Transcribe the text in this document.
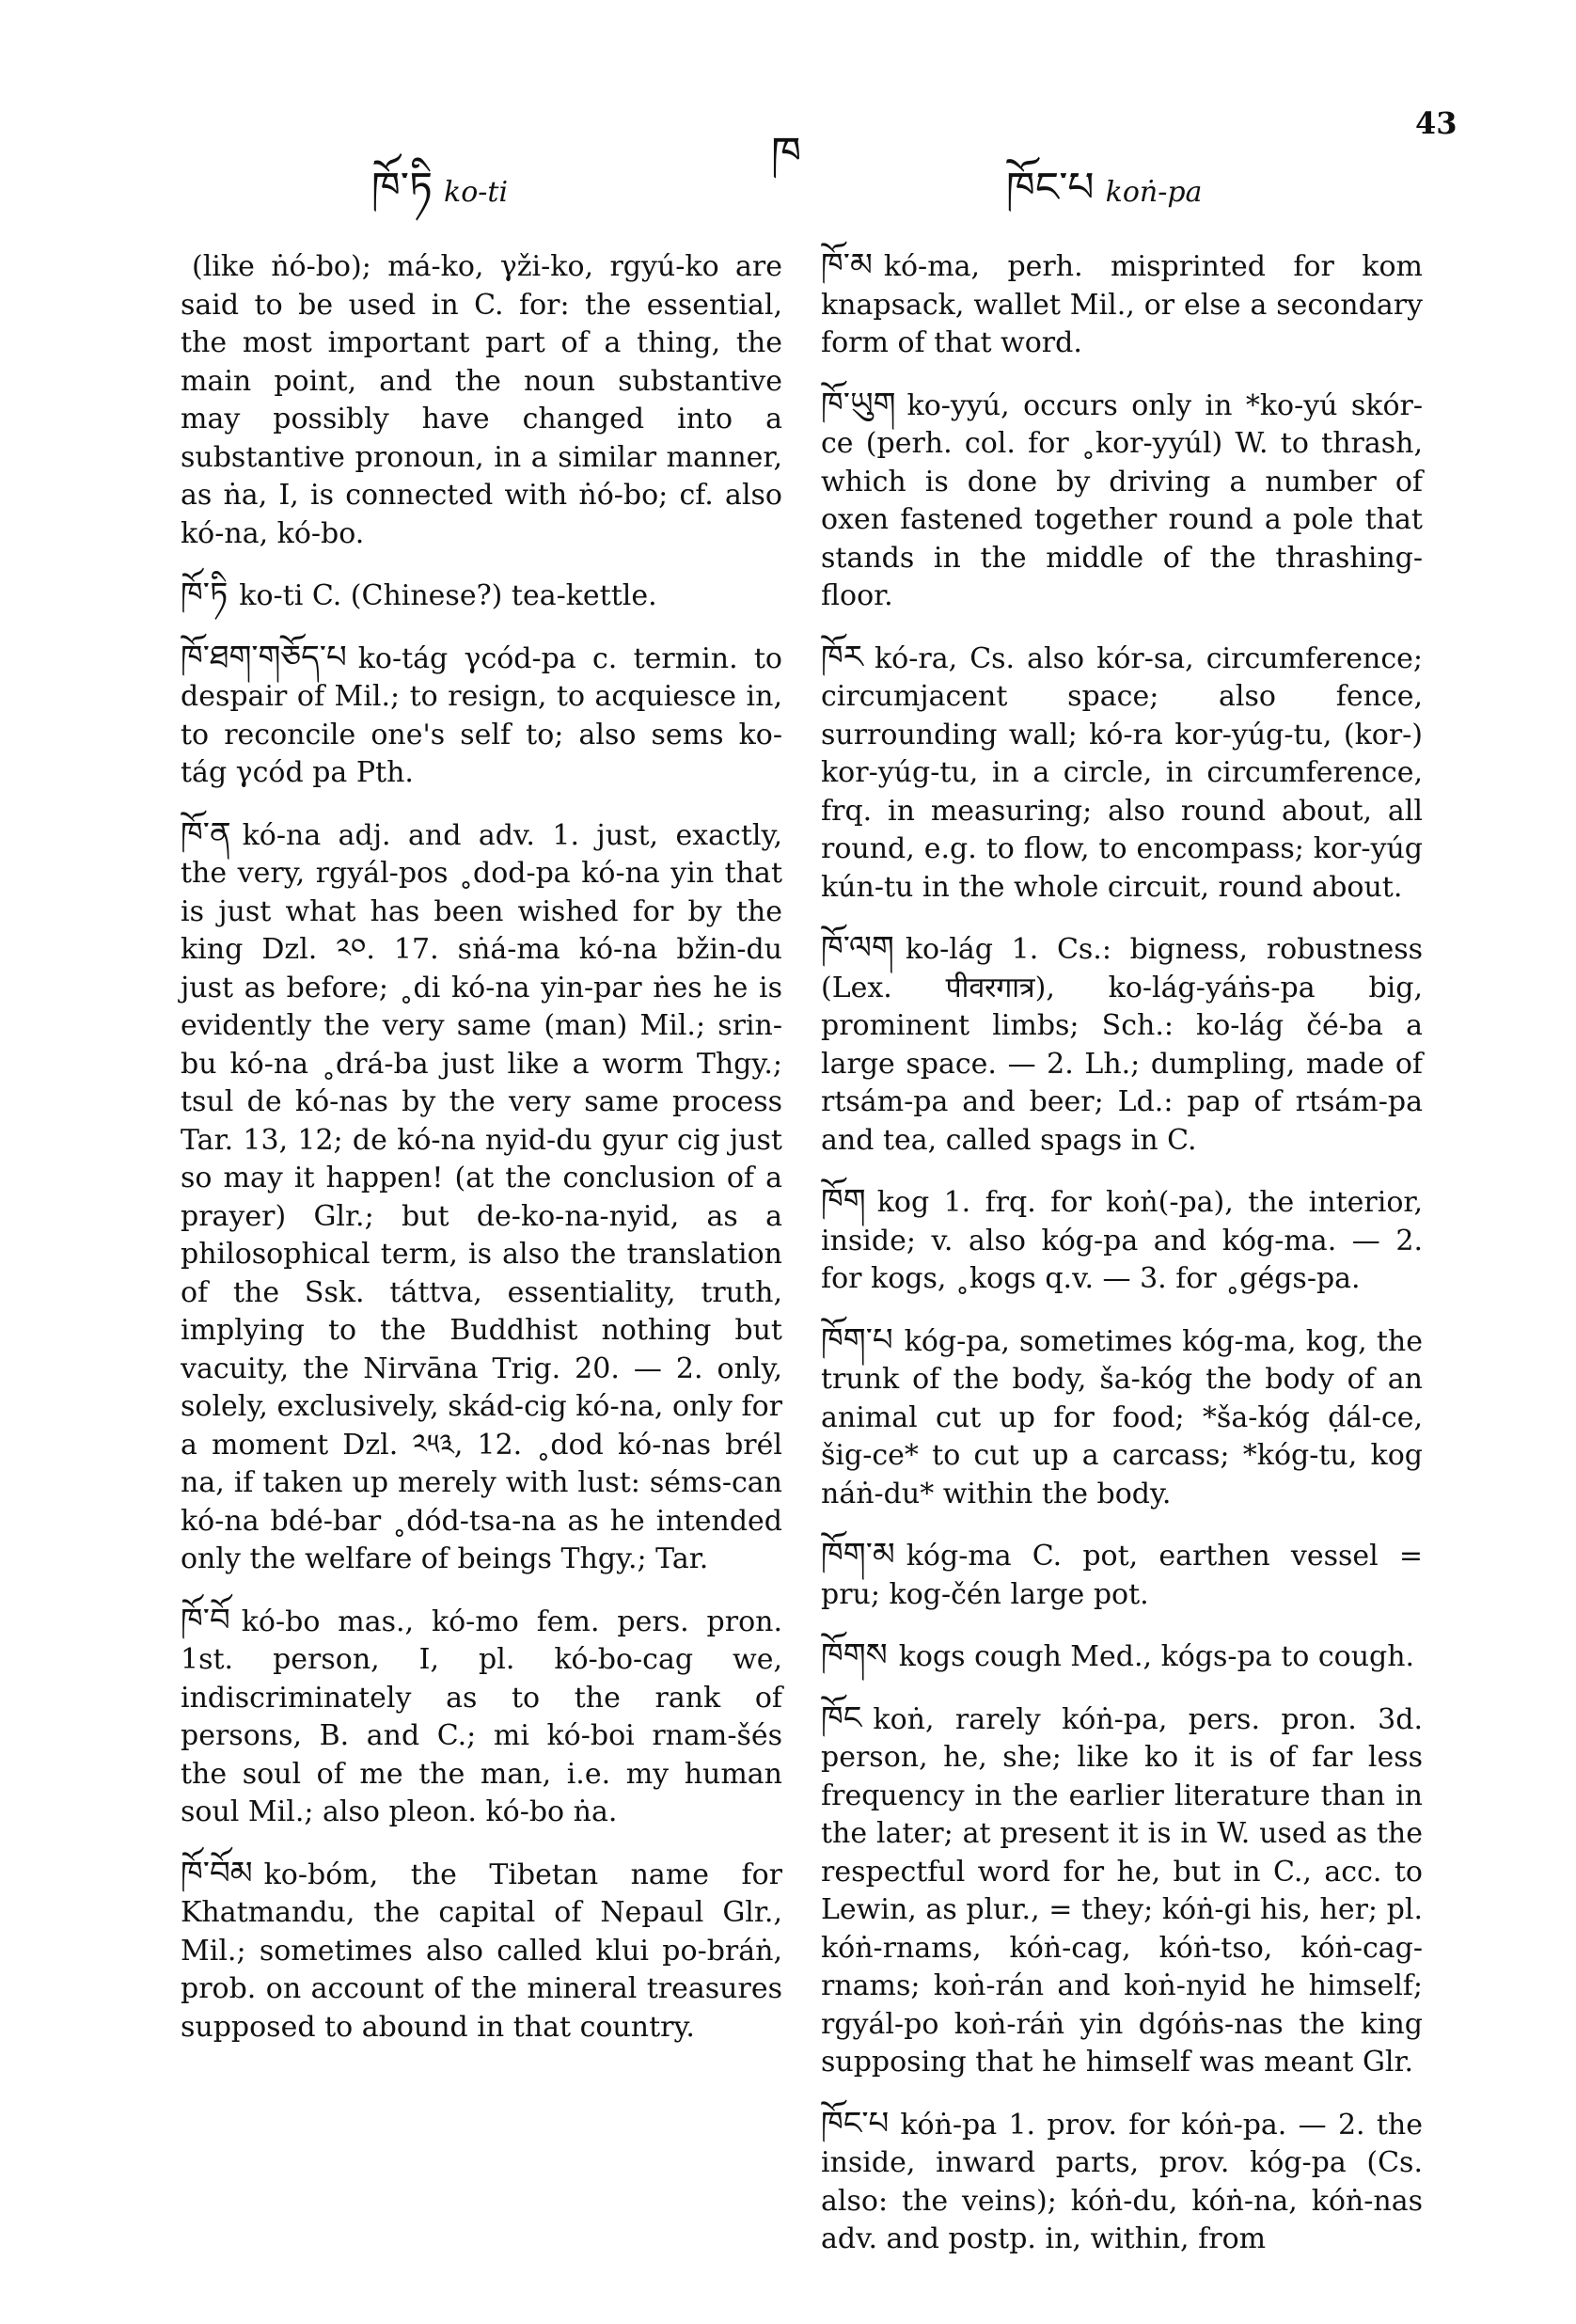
ཁོ་ཏི ko-ti
ཁ
ཁོང་པ koṅ-pa
43

(like ṅó-bo); má-ko, γži-ko, rgyú-ko are said to be used in C. for: the essential, the most important part of a thing, the main point, and the noun substantive may possibly have changed into a substantive pronoun, in a similar manner, as ṅa, I, is connected with ṅó-bo; cf. also kó-na, kó-bo.

ཁོ་ཏི ko-ti C. (Chinese?) tea-kettle.

ཁོ་ཐག་གཅོད་པ ko-tág γcód-pa c. termin. to despair of Mil.; to resign, to acquiesce in, to reconcile one's self to; also sems ko-tág γcód pa Pth.

ཁོ་ན kó-na adj. and adv. 1. just, exactly, the very, rgyál-pos ˳dod-pa kó-na yin that is just what has been wished for by the king Dzl. ༢༠. 17. sṅá-ma kó-na bžin-du just as before; ˳di kó-na yin-par ṅes he is evidently the very same (man) Mil.; srin-bu kó-na ˳drá-ba just like a worm Thgy.; tsul de kó-nas by the very same process Tar. 13, 12; de kó-na nyid-du gyur cig just so may it happen! (at the conclusion of a prayer) Glr.; but de-ko-na-nyid, as a philosophical term, is also the translation of the Ssk. táttva, essentiality, truth, implying to the Buddhist nothing but vacuity, the Nirvāna Trig. 20. — 2. only, solely, exclusively, skád-cig kó-na, only for a moment Dzl. ༢༥༣, 12. ˳dod kó-nas brél na, if taken up merely with lust: séms-can kó-na bdé-bar ˳dód-tsa-na as he intended only the welfare of beings Thgy.; Tar.

ཁོ་བོ kó-bo mas., kó-mo fem. pers. pron. 1st. person, I, pl. kó-bo-cag we, indiscriminately as to the rank of persons, B. and C.; mi kó-boi rnam-šés the soul of me the man, i.e. my human soul Mil.; also pleon. kó-bo ṅa.

ཁོ་བོམ ko-bóm, the Tibetan name for Khatmandu, the capital of Nepaul Glr., Mil.; sometimes also called klui po-bráṅ, prob. on account of the mineral treasures supposed to abound in that country.

ཁོ་མ kó-ma, perh. misprinted for kom knapsack, wallet Mil., or else a secondary form of that word.

ཁོ་ཡུག ko-yyú, occurs only in *ko-yú skór-ce (perh. col. for ˳kor-yyúl) W. to thrash, which is done by driving a number of oxen fastened together round a pole that stands in the middle of the thrashing-floor.

ཁོར kó-ra, Cs. also kór-sa, circumference; circumjacent space; also fence, surrounding wall; kó-ra kor-yúg-tu, (kor-) kor-yúg-tu, in a circle, in circumference, frq. in measuring; also round about, all round, e.g. to flow, to encompass; kor-yúg kún-tu in the whole circuit, round about.

ཁོ་ལག ko-lág 1. Cs.: bigness, robustness (Lex. पीवरगात्र), ko-lág-yáṅs-pa big, prominent limbs; Sch.: ko-lág čé-ba a large space. — 2. Lh.; dumpling, made of rtsám-pa and beer; Ld.: pap of rtsám-pa and tea, called spags in C.

ཁོག kog 1. frq. for koṅ(-pa), the interior, inside; v. also kóg-pa and kóg-ma. — 2. for kogs, ˳kogs q.v. — 3. for ˳gégs-pa.

ཁོག་པ kóg-pa, sometimes kóg-ma, kog, the trunk of the body, ša-kóg the body of an animal cut up for food; *ša-kóg ḍál-ce, šig-ce* to cut up a carcass; *kóg-tu, kog náṅ-du* within the body.

ཁོག་མ kóg-ma C. pot, earthen vessel = pru; kog-čén large pot.

ཁོགས kogs cough Med., kógs-pa to cough.

ཁོང koṅ, rarely kóṅ-pa, pers. pron. 3d. person, he, she; like ko it is of far less frequency in the earlier literature than in the later; at present it is in W. used as the respectful word for he, but in C., acc. to Lewin, as plur., = they; kóṅ-gi his, her; pl. kóṅ-rnams, kóṅ-cag, kóṅ-tso, kóṅ-cag-rnams; koṅ-rán and koṅ-nyid he himself; rgyál-po koṅ-ráṅ yin dgóṅs-nas the king supposing that he himself was meant Glr.

ཁོང་པ kóṅ-pa 1. prov. for kóṅ-pa. — 2. the inside, inward parts, prov. kóg-pa (Cs. also: the veins); kóṅ-du, kóṅ-na, kóṅ-nas adv. and postp. in, within, from
